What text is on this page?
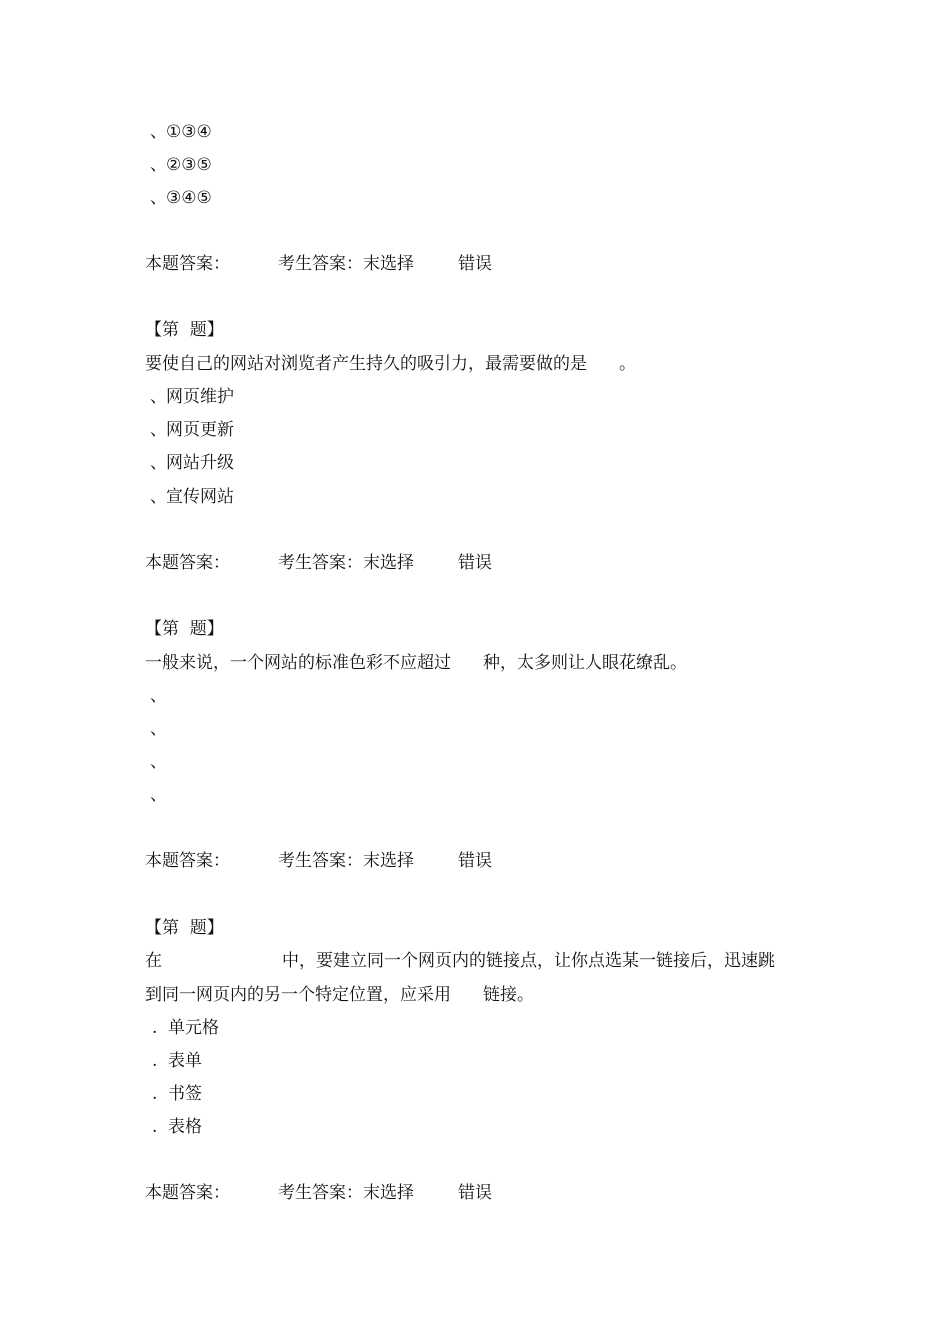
、①③④
、②③⑤
、③④⑤
本题答案：	考生答案：末选择	错误
【第  题】
要使自己的网站对浏览者产生持久的吸引力，最需要做的是 。
、网页维护
、网页更新
、网站升级
、宣传网站
本题答案：	考生答案：末选择	错误
【第  题】
一般来说，一个网站的标准色彩不应超过 种，太多则让人眼花缭乱。
、
、
、
、
本题答案：	考生答案：末选择	错误
【第  题】
在	中，要建立同一个网页内的链接点，让你点选某一链接后，迅速跳
到同一网页内的另一个特定位置，应采用 链接。
. 单元格
. 表单
. 书签
. 表格
本题答案：	考生答案：末选择	错误
